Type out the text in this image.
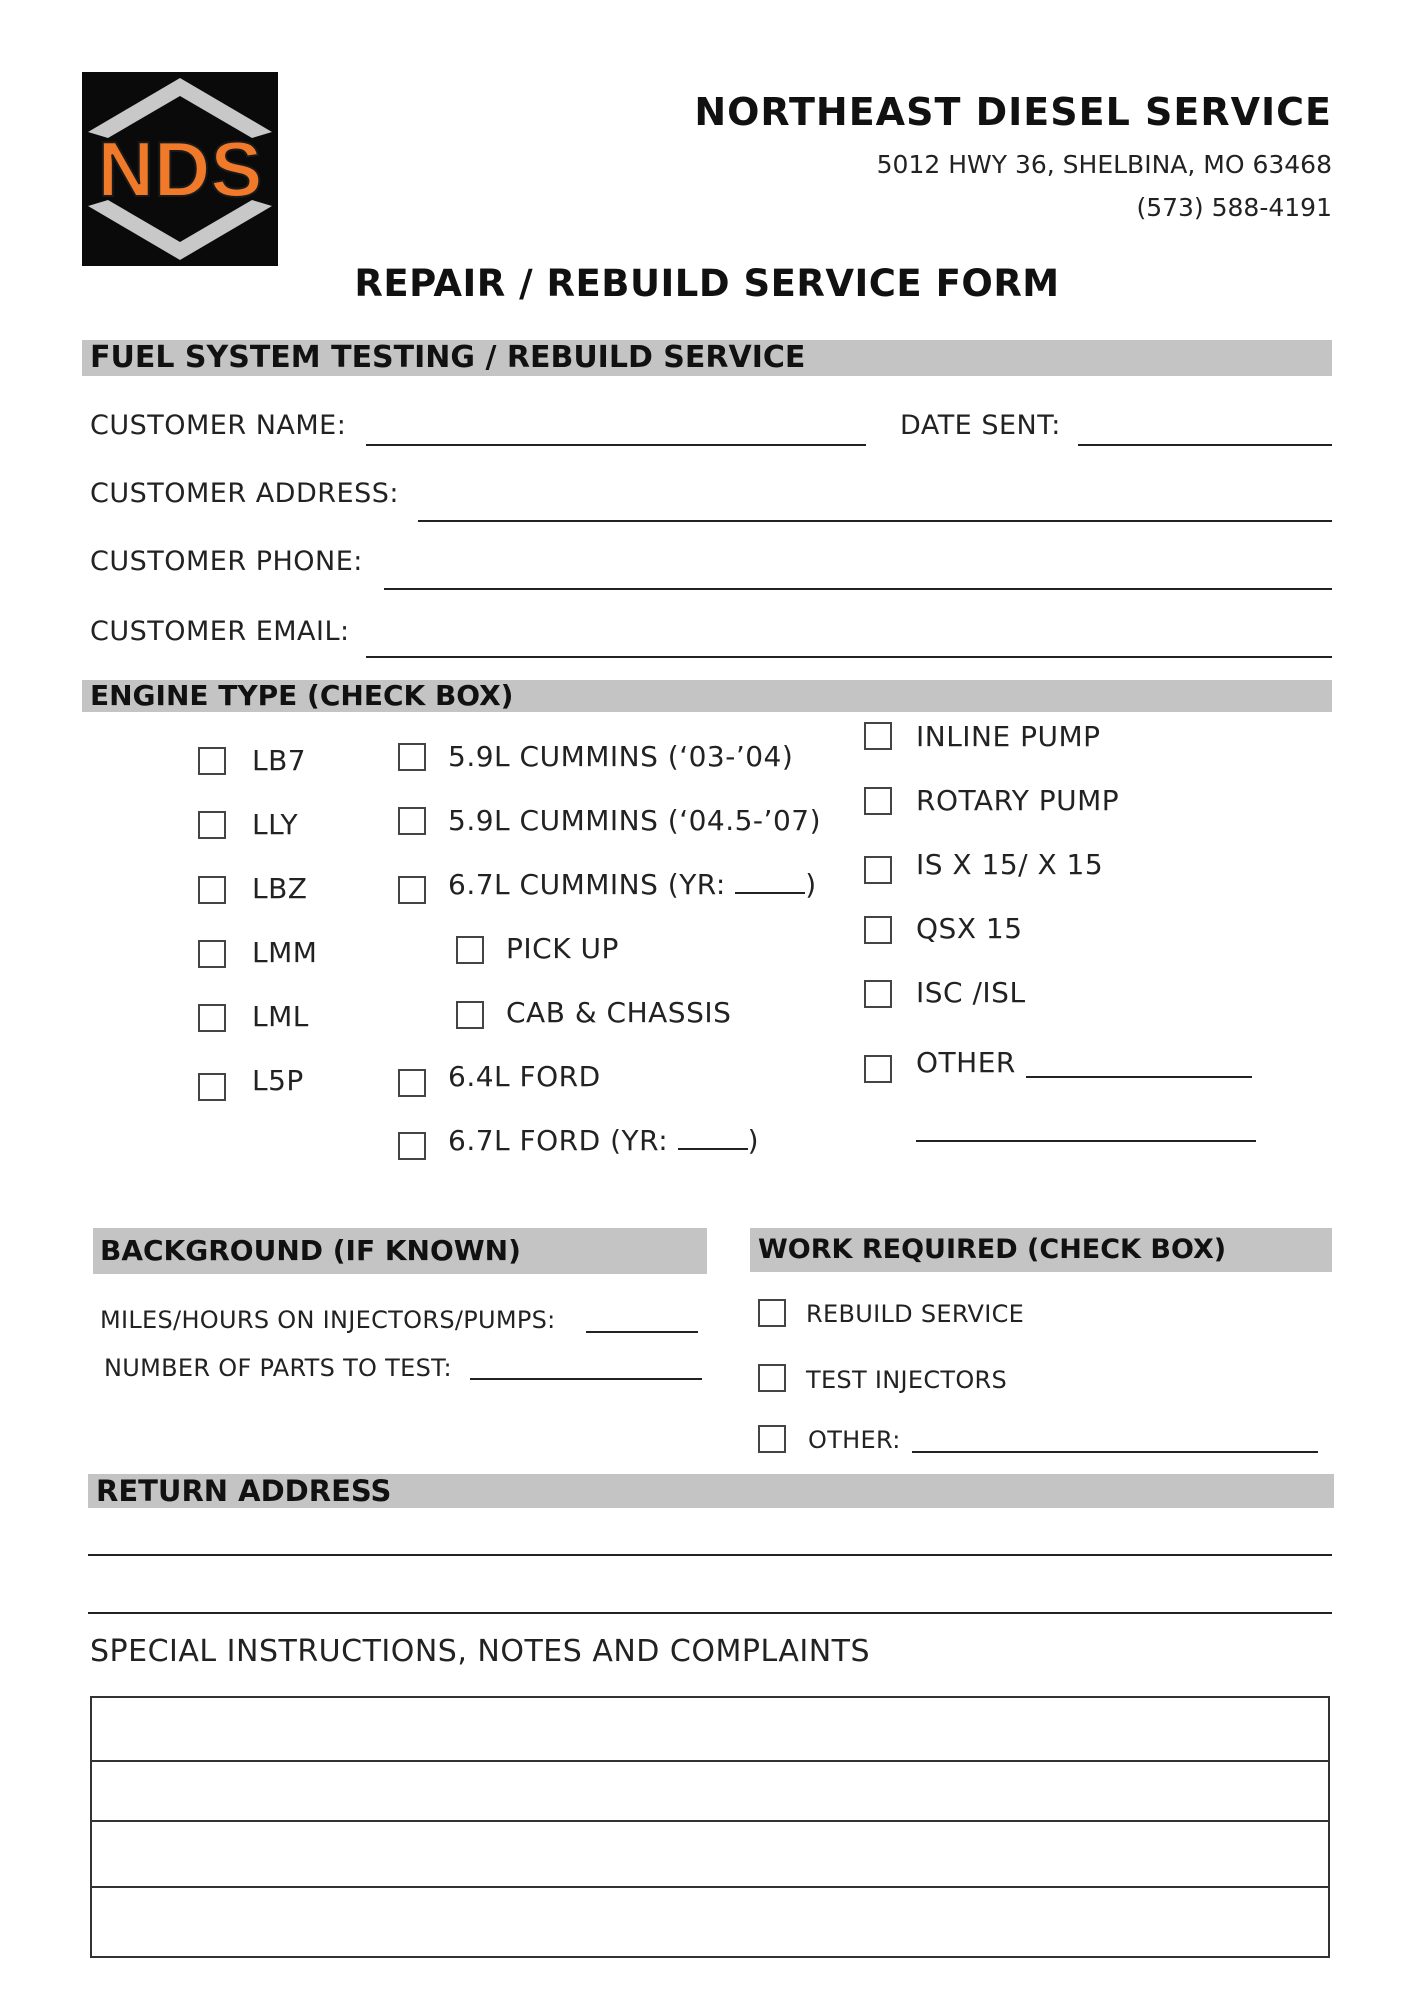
NDS
NORTHEAST DIESEL SERVICE
5012 HWY 36, SHELBINA, MO 63468
(573) 588-4191
REPAIR / REBUILD SERVICE FORM
FUEL SYSTEM TESTING / REBUILD SERVICE
CUSTOMER NAME:	DATE SENT:
CUSTOMER ADDRESS:
CUSTOMER PHONE:
CUSTOMER EMAIL:
ENGINE TYPE (CHECK BOX)
LB7
LLY
LBZ
LMM
LML
L5P
5.9L CUMMINS (‘03-’04)
5.9L CUMMINS (‘04.5-’07)
6.7L CUMMINS (YR:	)
PICK UP
CAB & CHASSIS
6.4L FORD
6.7L FORD (YR:	)
INLINE PUMP
ROTARY PUMP
IS X 15/ X 15
QSX 15
ISC /ISL
OTHER
BACKGROUND (IF KNOWN)
MILES/HOURS ON INJECTORS/PUMPS:
NUMBER OF PARTS TO TEST:
WORK REQUIRED (CHECK BOX)
REBUILD SERVICE
TEST INJECTORS
OTHER:
RETURN ADDRESS
SPECIAL INSTRUCTIONS, NOTES AND COMPLAINTS
